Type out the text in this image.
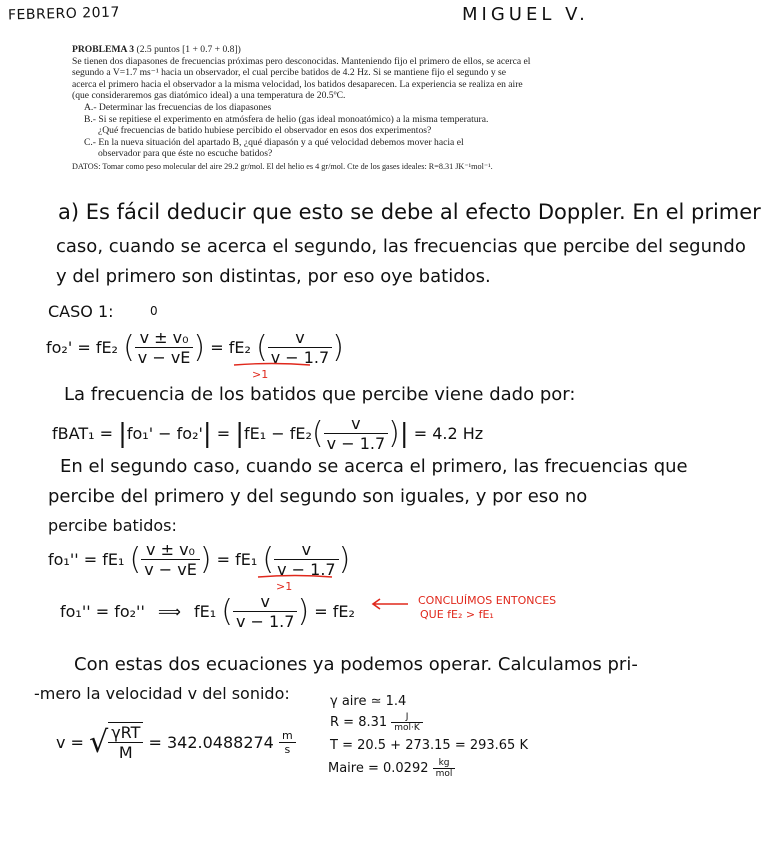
FEBRERO 2017	MIGUEL V.

PROBLEMA 3 (2.5 puntos [1 + 0.7 + 0.8])

Se tienen dos diapasones de frecuencias próximas pero desconocidas. Manteniendo fijo el primero de ellos, se acerca el segundo a V=1.7 ms⁻¹ hacia un observador, el cual percibe batidos de 4.2 Hz. Si se mantiene fijo el segundo y se acerca el primero hacia el observador a la misma velocidad, los batidos desaparecen. La experiencia se realiza en aire (que consideraremos gas diatómico ideal) a una temperatura de 20.5ºC.

A.- Determinar las frecuencias de los diapasones

B.- Si se repitiese el experimento en atmósfera de helio (gas ideal monoatómico) a la misma temperatura.

¿Qué frecuencias de batido hubiese percibido el observador en esos dos experimentos?

C.- En la nueva situación del apartado B, ¿qué diapasón y a qué velocidad debemos mover hacia el

observador para que éste no escuche batidos?

DATOS: Tomar como peso molecular del aire 29.2 gr/mol. El del helio es 4 gr/mol. Cte de los gases ideales: R=8.31 JK⁻¹mol⁻¹.

a) Es fácil deducir que esto se debe al efecto Doppler. En el primer
caso, cuando se acerca el segundo, las frecuencias que percibe del segundo
y del primero son distintas, por eso oye batidos.
CASO 1:
fo₂' = fE₂ ( $\frac{\text{v ± v₀}}{v - vE}$ ) = fE₂ ( $\frac{v}{v - 1.7}$ )
0
>1
La frecuencia de los batidos que percibe viene dado por:
fBAT₁ = $|fo_1' - fo_2'| = |fE_1 - fE_2( \frac{v}{v - 1.7}$ )| = 4.2 Hz
En el segundo caso, cuando se acerca el primero, las frecuencias que
percibe del primero y del segundo son iguales, y por eso no
percibe batidos:
fo₁'' = fE₁ ( $\frac{\text{v ± v₀}}{v - vE}$ ) = fE₁ ( $\frac{v}{v - 1.7}$ )
>1
fo₁'' = fo₂'' ⟹ fE₁ ( $\frac{v}{v - 1.7}$ ) = fE₂
CONCLUÍMOS ENTONCES
QUE fE₂ > fE₁
Con estas dos ecuaciones ya podemos operar. Calculamos pri-
-mero la velocidad v del sonido:
v = √ $\frac{\text{γRT}}{M} = 342.0488274 \frac{m}{s}$
γ aire ≃ 1.4
$R = 8.31 \frac{J}{\text{mol·K}}$
T = 20.5 + 273.15 = 293.65 K
Maire = $0.0292 \frac{kg}{\text{mol}}$
